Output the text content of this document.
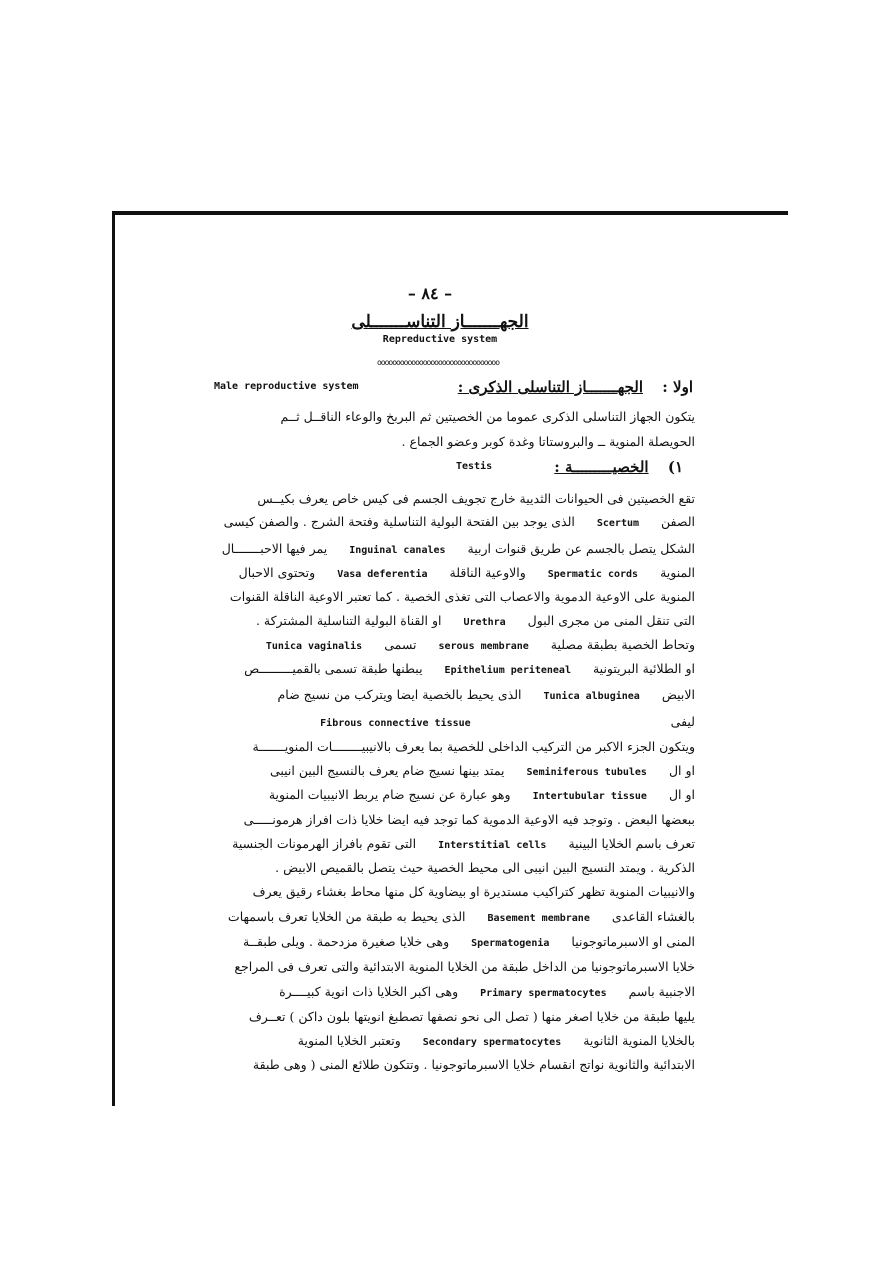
– ٨٤ –
الجهـــــــاز التناســـــــلى
Repreductive system
oooooooooooooooooooooooooooooooo
اولا : الجهـــــــاز التناسلى الذكرى :
Male reproductive system
يتكون الجهاز التناسلى الذكرى عموما من الخصيتين ثم البربخ والوعاء الناقــل ثــم
الحويصلة المنوية ــ والبروستاتا وغدة كوبر وعضو الجماع .
١) الخصيـــــــــة :
Testis
تقع الخصيتين فى الحيوانات الثديية خارج تجويف الجسم فى كيس خاص يعرف بكيــس
الصفنScertumالذى يوجد بين الفتحة البولية التناسلية وفتحة الشرج . والصفن كيسى
الشكل يتصل بالجسم عن طريق قنوات اربيةInguinal canalesيمر فيها الاحبـــــــال
المنويةSpermatic cordsوالاوعية الناقلةVasa deferentiaوتحتوى الاحبال
المنوية على الاوعية الدموية والاعصاب التى تغذى الخصية . كما تعتبر الاوعية الناقلة القنوات
التى تنقل المنى من مجرى البولUrethraاو القناة البولية التناسلية المشتركة .
وتحاط الخصية بطبقة مصليةserous membraneتسمىTunica vaginalis
او الطلائية البريتونيةEpithelium peritenealيبطنها طبقة تسمى بالقميـــــــــص
الابيضTunica albugineaالذى يحيط بالخصية ايضا ويتركب من نسيج ضام
ليفىFibrous connective tissue
ويتكون الجزء الاكبر من التركيب الداخلى للخصية بما يعرف بالانيبيــــــــات المنويـــــــة
او الSeminiferous tubulesيمتد بينها نسيج ضام يعرف بالنسيج البين انيبى
او الIntertubular tissueوهو عبارة عن نسيج ضام يربط الانيبيات المنوية
ببعضها البعض . وتوجد فيه الاوعية الدموية كما توجد فيه ايضا خلايا ذات افراز هرمونـــــى
تعرف باسم الخلايا البينيةInterstitial cellsالتى تقوم بافراز الهرمونات الجنسية
الذكرية . ويمتد النسيج البين انيبى الى محيط الخصية حيث يتصل بالقميص الابيض .
والانيبيات المنوية تظهر كتراكيب مستديرة او بيضاوية كل منها محاط بغشاء رقيق يعرف
بالغشاء القاعدىBasement membraneالذى يحيط به طبقة من الخلايا تعرف باسمهات
المنى او الاسبرماتوجونياSpermatogeniaوهى خلايا صغيرة مزدحمة . ويلى طبقــة
خلايا الاسبرماتوجونيا من الداخل طبقة من الخلايا المنوية الابتدائية والتى تعرف فى المراجع
الاجنبية باسمPrimary spermatocytesوهى اكبر الخلايا ذات انوية كبيــــرة
يليها طبقة من خلايا اصغر منها ( تصل الى نحو نصفها تصطبغ انويتها بلون داكن ) تعــرف
بالخلايا المنوية الثانويةSecondary spermatocytesوتعتبر الخلايا المنوية
الابتدائية والثانوية نواتج انقسام خلايا الاسبرماتوجونيا . وتتكون طلائع المنى ( وهى طبقة
